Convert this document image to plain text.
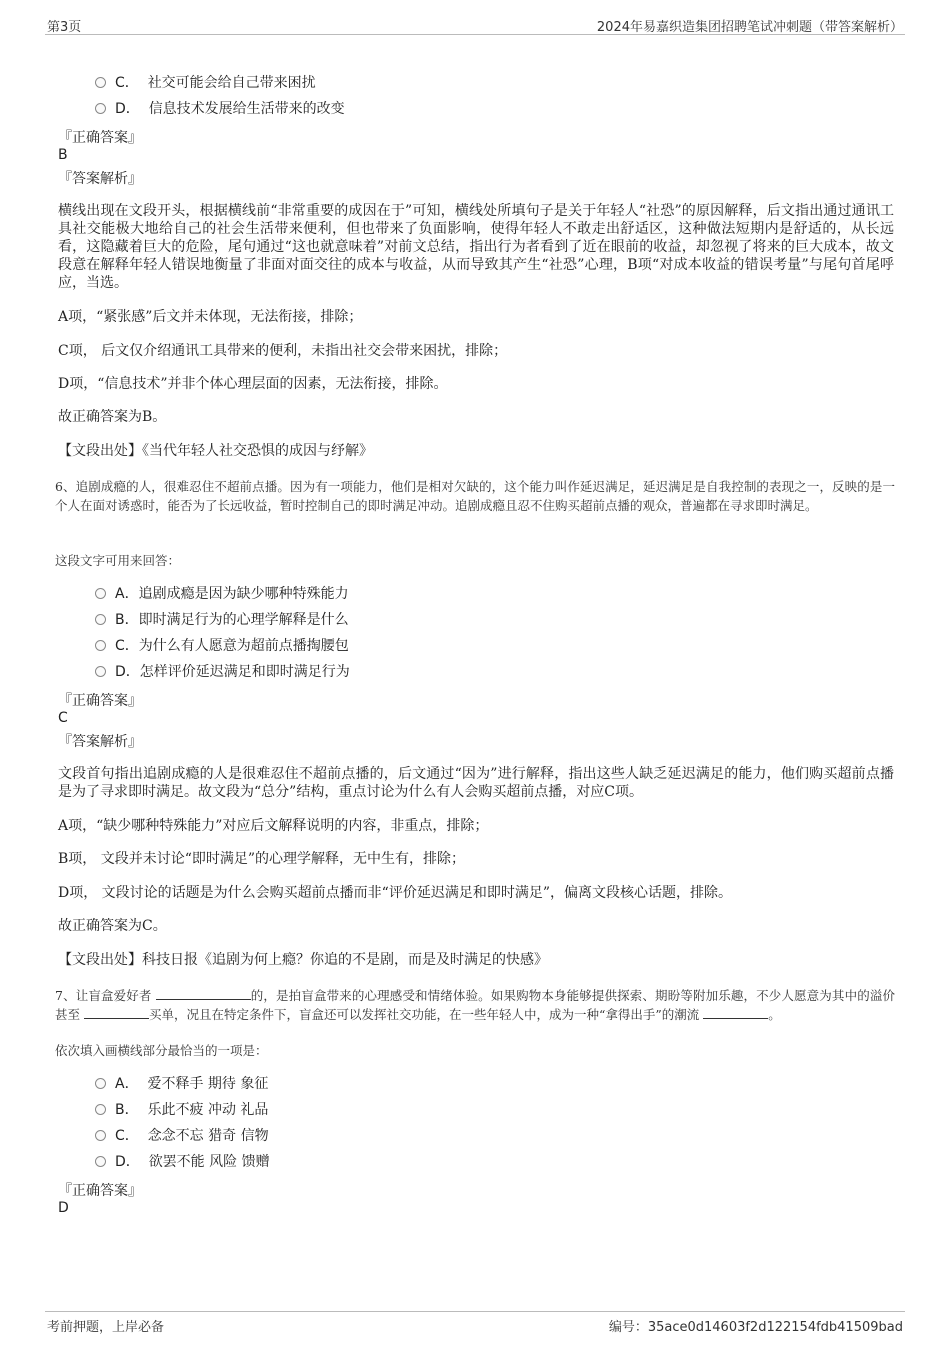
第3页	2024年易嘉织造集团招聘笔试冲刺题（带答案解析）
C． 社交可能会给自己带来困扰
D． 信息技术发展给生活带来的改变
『正确答案』
B
『答案解析』
横线出现在文段开头，根据横线前“非常重要的成因在于”可知，横线处所填句子是关于年轻人“社恐”的原因解释，后文指出通过通讯工具社交能极大地给自己的社会生活带来便利，但也带来了负面影响，使得年轻人不敢走出舒适区，这种做法短期内是舒适的，从长远看，这隐藏着巨大的危险，尾句通过“这也就意味着”对前文总结，指出行为者看到了近在眼前的收益，却忽视了将来的巨大成本，故文段意在解释年轻人错误地衡量了非面对面交往的成本与收益，从而导致其产生“社恐”心理，B项“对成本收益的错误考量”与尾句首尾呼应，当选。
A项，“紧张感”后文并未体现，无法衔接，排除；
C项， 后文仅介绍通讯工具带来的便利，未指出社交会带来困扰，排除；
D项，“信息技术”并非个体心理层面的因素，无法衔接，排除。
故正确答案为B。
【文段出处】《当代年轻人社交恐惧的成因与纾解》
6、追剧成瘾的人，很难忍住不超前点播。因为有一项能力，他们是相对欠缺的，这个能力叫作延迟满足，延迟满足是自我控制的表现之一，反映的是一个人在面对诱惑时，能否为了长远收益，暂时控制自己的即时满足冲动。追剧成瘾且忍不住购买超前点播的观众，普遍都在寻求即时满足。
这段文字可用来回答：
A．追剧成瘾是因为缺少哪种特殊能力
B．即时满足行为的心理学解释是什么
C．为什么有人愿意为超前点播掏腰包
D．怎样评价延迟满足和即时满足行为
『正确答案』
C
『答案解析』
文段首句指出追剧成瘾的人是很难忍住不超前点播的，后文通过“因为”进行解释，指出这些人缺乏延迟满足的能力，他们购买超前点播是为了寻求即时满足。故文段为“总分”结构，重点讨论为什么有人会购买超前点播，对应C项。
A项，“缺少哪种特殊能力”对应后文解释说明的内容，非重点，排除；
B项， 文段并未讨论“即时满足”的心理学解释，无中生有，排除；
D项， 文段讨论的话题是为什么会购买超前点播而非“评价延迟满足和即时满足”，偏离文段核心话题，排除。
故正确答案为C。
【文段出处】科技日报《追剧为何上瘾？你追的不是剧，而是及时满足的快感》
7、让盲盒爱好者	的，是拍盲盒带来的心理感受和情绪体验。如果购物本身能够提供探索、期盼等附加乐趣，不少人愿意为其中的溢价甚至	买单，况且在特定条件下，盲盒还可以发挥社交功能，在一些年轻人中，成为一种“拿得出手”的潮流	。
依次填入画横线部分最恰当的一项是：
A． 爱不释手 期待 象征
B． 乐此不疲 冲动 礼品
C． 念念不忘 猎奇 信物
D． 欲罢不能 风险 馈赠
『正确答案』
D
考前押题，上岸必备	编号：35ace0d14603f2d122154fdb41509bad
